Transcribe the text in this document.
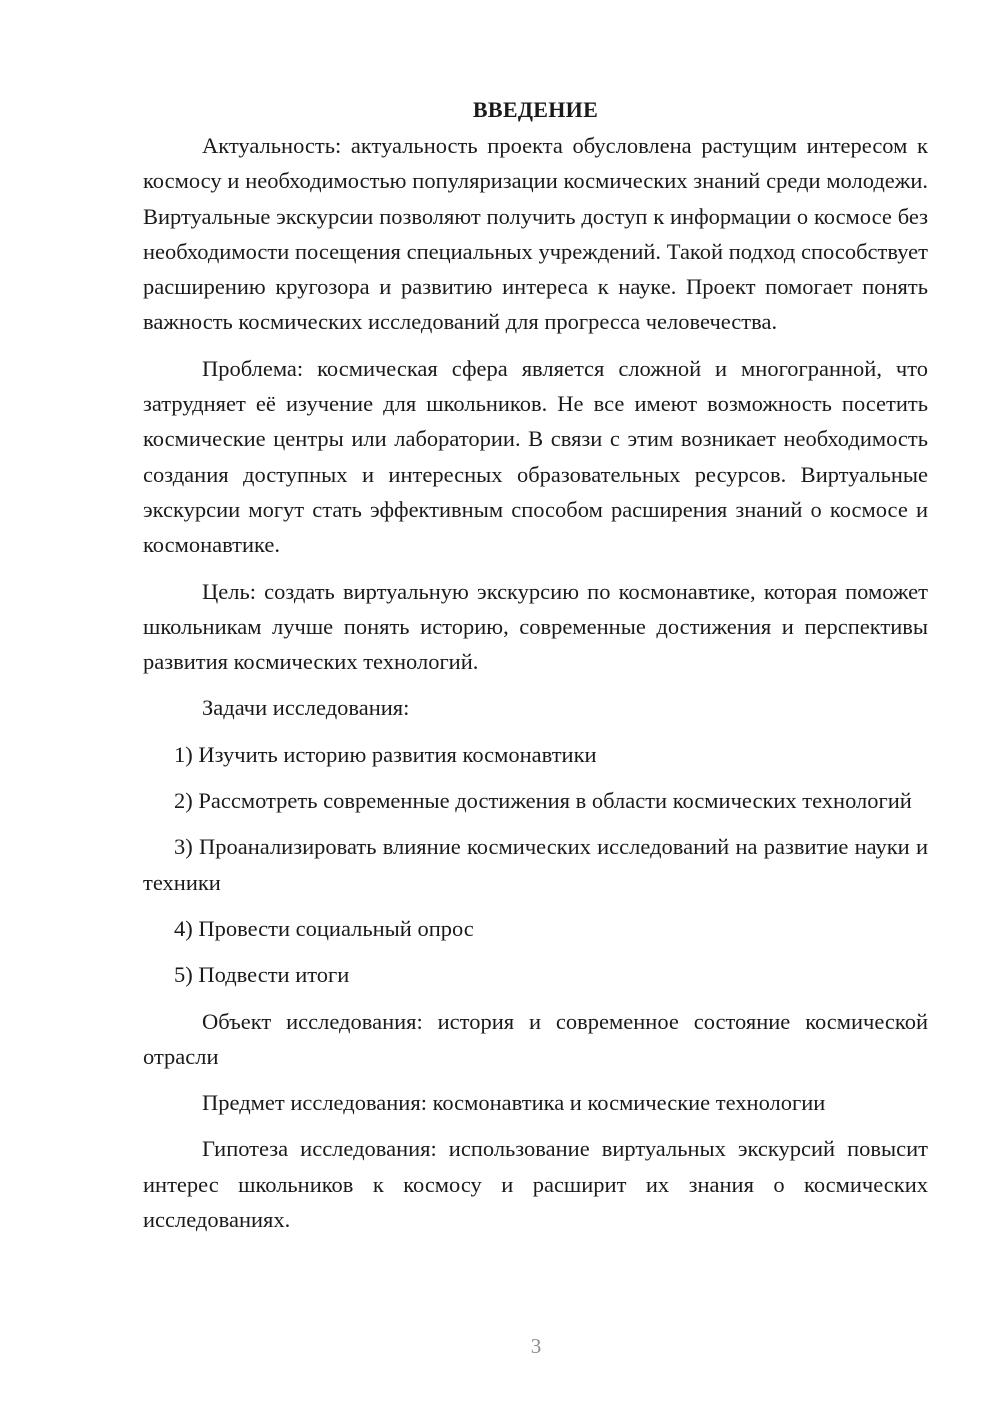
ВВЕДЕНИЕ

Актуальность: актуальность проекта обусловлена растущим интересом к космосу и необходимостью популяризации космических знаний среди молодежи. Виртуальные экскурсии позволяют получить доступ к информации о космосе без необходимости посещения специальных учреждений. Такой подход способствует расширению кругозора и развитию интереса к науке. Проект помогает понять важность космических исследований для прогресса человечества.

Проблема: космическая сфера является сложной и многогранной, что затрудняет её изучение для школьников. Не все имеют возможность посетить космические центры или лаборатории. В связи с этим возникает необходимость создания доступных и интересных образовательных ресурсов. Виртуальные экскурсии могут стать эффективным способом расширения знаний о космосе и космонавтике.

Цель: создать виртуальную экскурсию по космонавтике, которая поможет школьникам лучше понять историю, современные достижения и перспективы развития космических технологий.

Задачи исследования:

1) Изучить историю развития космонавтики

2) Рассмотреть современные достижения в области космических технологий

3) Проанализировать влияние космических исследований на развитие науки и техники

4) Провести социальный опрос

5) Подвести итоги

Объект исследования: история и современное состояние космической отрасли

Предмет исследования: космонавтика и космические технологии

Гипотеза исследования: использование виртуальных экскурсий повысит интерес школьников к космосу и расширит их знания о космических исследованиях.

3
